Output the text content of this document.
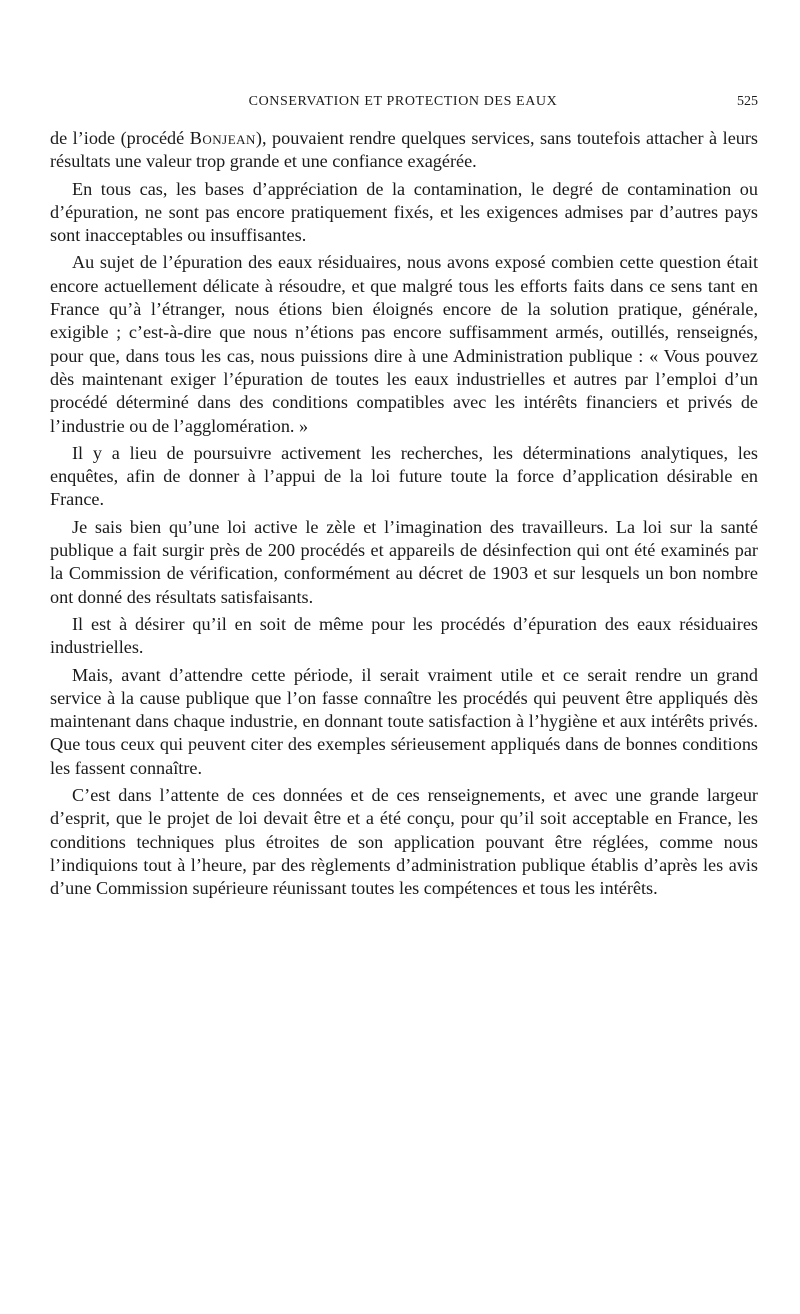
CONSERVATION ET PROTECTION DES EAUX	525

de l’iode (procédé Bonjean), pouvaient rendre quelques services, sans toutefois attacher à leurs résultats une valeur trop grande et une confiance exagérée.

En tous cas, les bases d’appréciation de la contamination, le degré de contamination ou d’épuration, ne sont pas encore pratiquement fixés, et les exigences admises par d’autres pays sont inacceptables ou insuffisantes.

Au sujet de l’épuration des eaux résiduaires, nous avons exposé combien cette question était encore actuellement délicate à résoudre, et que malgré tous les efforts faits dans ce sens tant en France qu’à l’étranger, nous étions bien éloignés encore de la solution pratique, générale, exigible ; c’est-à-dire que nous n’étions pas encore suffisamment armés, outillés, renseignés, pour que, dans tous les cas, nous puissions dire à une Administration publique : « Vous pouvez dès maintenant exiger l’épuration de toutes les eaux industrielles et autres par l’emploi d’un procédé déterminé dans des conditions compatibles avec les intérêts financiers et privés de l’industrie ou de l’agglomération. »

Il y a lieu de poursuivre activement les recherches, les déterminations analytiques, les enquêtes, afin de donner à l’appui de la loi future toute la force d’application désirable en France.

Je sais bien qu’une loi active le zèle et l’imagination des travailleurs. La loi sur la santé publique a fait surgir près de 200 procédés et appareils de désinfection qui ont été examinés par la Commission de vérification, conformément au décret de 1903 et sur lesquels un bon nombre ont donné des résultats satisfaisants.

Il est à désirer qu’il en soit de même pour les procédés d’épuration des eaux résiduaires industrielles.

Mais, avant d’attendre cette période, il serait vraiment utile et ce serait rendre un grand service à la cause publique que l’on fasse connaître les procédés qui peuvent être appliqués dès maintenant dans chaque industrie, en donnant toute satisfaction à l’hygiène et aux intérêts privés. Que tous ceux qui peuvent citer des exemples sérieusement appliqués dans de bonnes conditions les fassent connaître.

C’est dans l’attente de ces données et de ces renseignements, et avec une grande largeur d’esprit, que le projet de loi devait être et a été conçu, pour qu’il soit acceptable en France, les conditions techniques plus étroites de son application pouvant être réglées, comme nous l’indiquions tout à l’heure, par des règlements d’administration publique établis d’après les avis d’une Commission supérieure réunissant toutes les compétences et tous les intérêts.
